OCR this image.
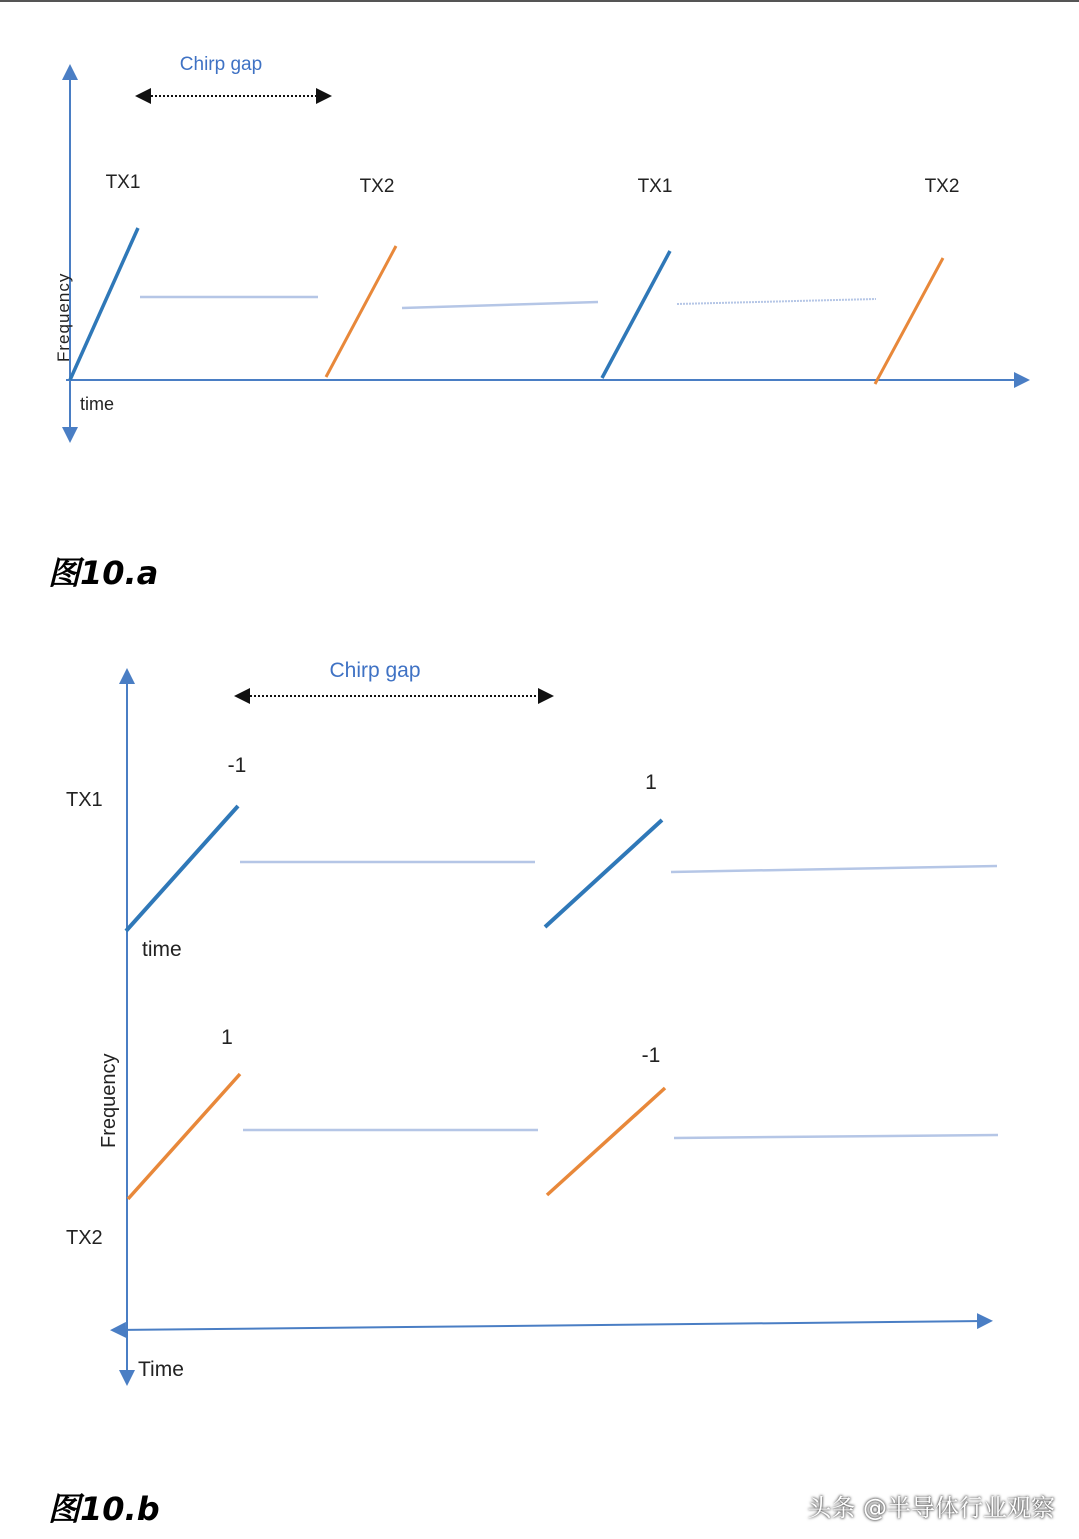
Chirp gap
TX1	TX2	TX1	TX2
Frequency
time
图10.a
Chirp gap
TX1
TX2
-1
1
time
1
-1
Frequency
Time
图10.b	头条 @半导体行业观察
